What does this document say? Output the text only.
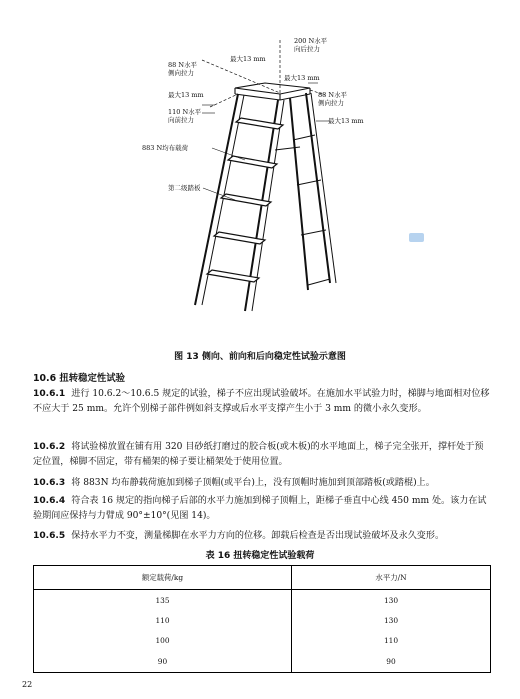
88 N水平
侧向拉力
最大13 mm
最大13 mm
110 N水平
向前拉力
200 N水平
向后拉力
最大13 mm
88 N水平
侧向拉力
最大13 mm
883 N均布载荷
第二级踏板
图 13 侧向、前向和后向稳定性试验示意图
10.6 扭转稳定性试验
10.6.1 进行 10.6.2～10.6.5 规定的试验，梯子不应出现试验破坏。在施加水平试验力时，梯脚与地面相对位移不应大于 25 mm。允许个别梯子部件例如斜支撑或后水平支撑产生小于 3 mm 的微小永久变形。
10.6.2 将试验梯放置在铺有用 320 目砂纸打磨过的胶合板(或木板)的水平地面上，梯子完全张开，撑杆处于预定位置，梯脚不固定，带有桶架的梯子要让桶架处于使用位置。
10.6.3 将 883N 均布静载荷施加到梯子顶帽(或平台)上，没有顶帽时施加到顶部踏板(或踏棍)上。
10.6.4 符合表 16 规定的指向梯子后部的水平力施加到梯子顶帽上，距梯子垂直中心线 450 mm 处。该力在试验期间应保持与力臂成 90°±10°(见图 14)。
10.6.5 保持水平力不变，测量梯脚在水平力方向的位移。卸载后检查是否出现试验破坏及永久变形。
表 16 扭转稳定性试验载荷
额定载荷/kg	水平力/N
135	130
110	130
100	110
90	90
22
